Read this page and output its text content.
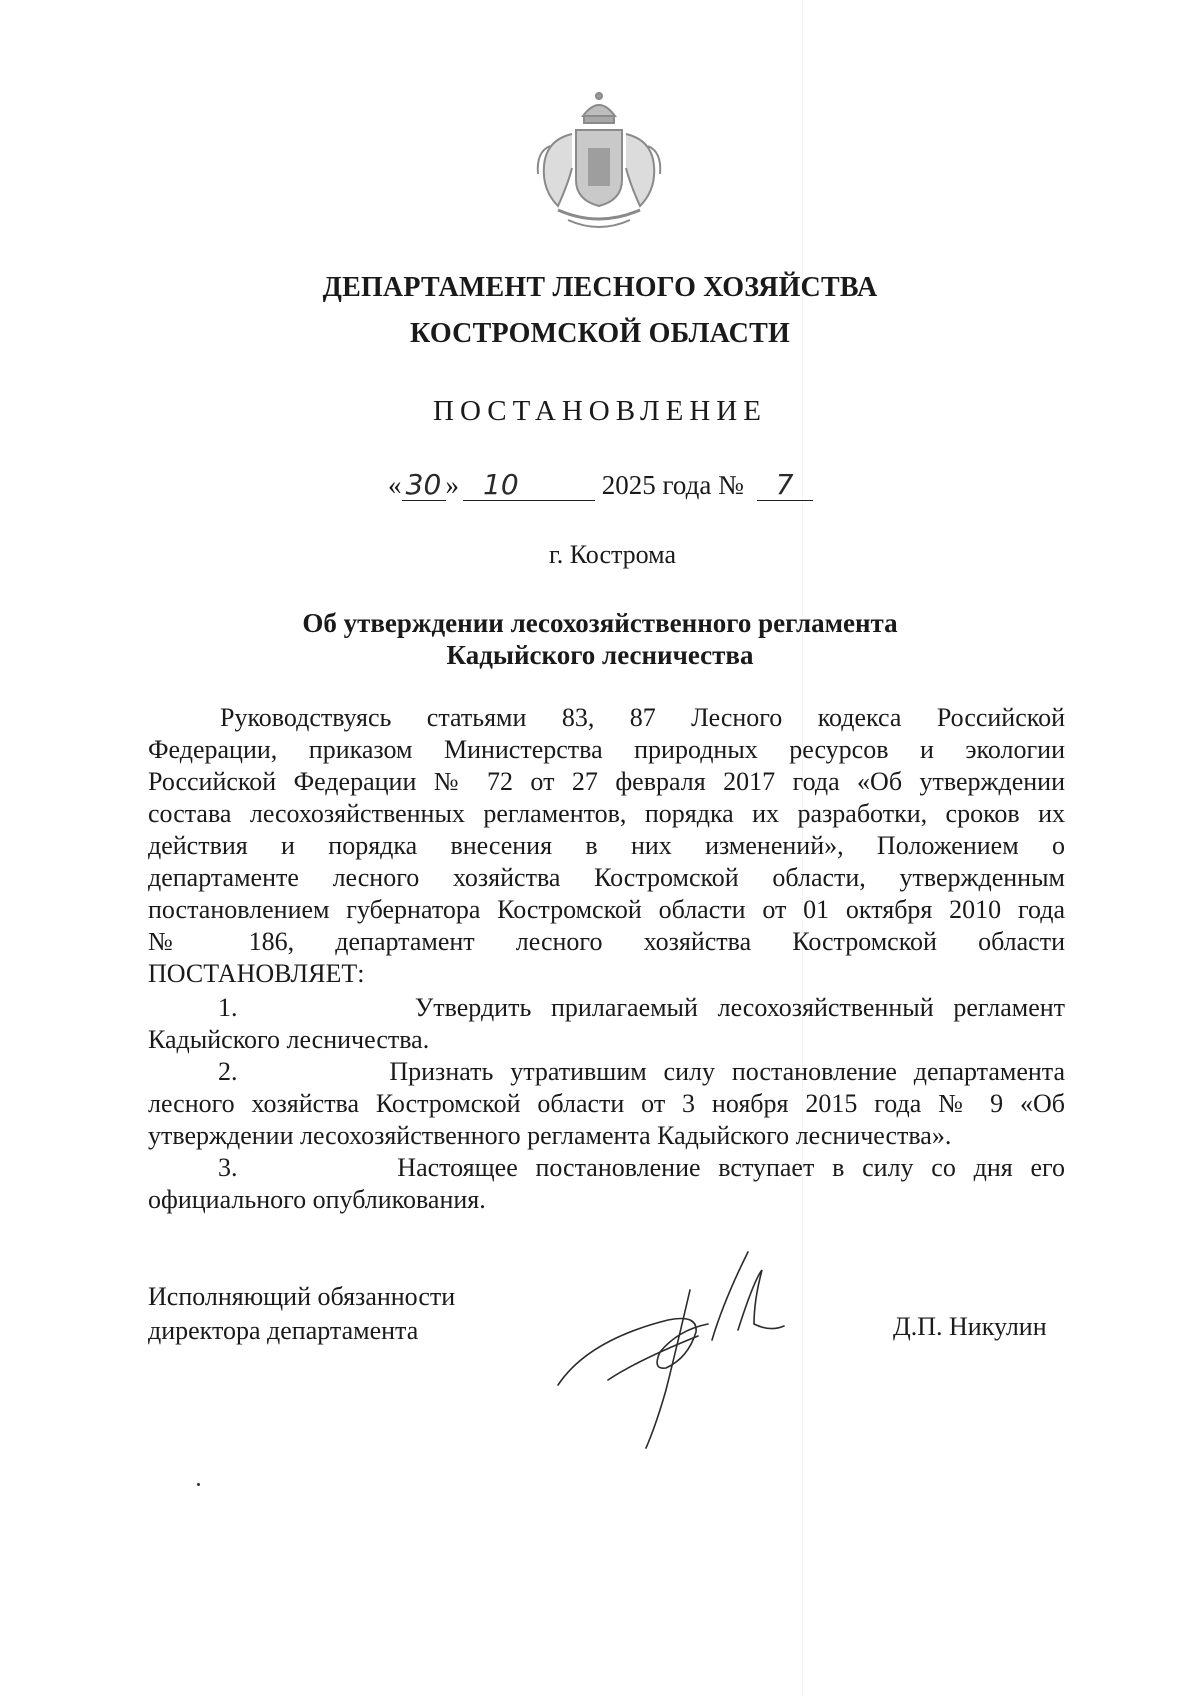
ДЕПАРТАМЕНТ ЛЕСНОГО ХОЗЯЙСТВА
КОСТРОМСКОЙ ОБЛАСТИ
ПОСТАНОВЛЕНИЕ
« 30 » 10	2025 года № 7
г. Кострома
Об утверждении лесохозяйственного регламента
Кадыйского лесничества

Руководствуясь статьями 83, 87 Лесного кодекса Российской

Федерации, приказом Министерства природных ресурсов и экологии

Российской Федерации № 72 от 27 февраля 2017 года «Об утверждении

состава лесохозяйственных регламентов, порядка их разработки, сроков их

действия и порядка внесения в них изменений», Положением о

департаменте лесного хозяйства Костромской области, утвержденным

постановлением губернатора Костромской области от 01 октября 2010 года

№ 186, департамент лесного хозяйства Костромской области

ПОСТАНОВЛЯЕТ:

1.	Утвердить прилагаемый лесохозяйственный регламент

Кадыйского лесничества.

2.	Признать утратившим силу постановление департамента

лесного хозяйства Костромской области от 3 ноября 2015 года № 9 «Об

утверждении лесохозяйственного регламента Кадыйского лесничества».

3.	Настоящее постановление вступает в силу со дня его

официального опубликования.

Исполняющий обязанности
директора департамента	Д.П. Никулин
